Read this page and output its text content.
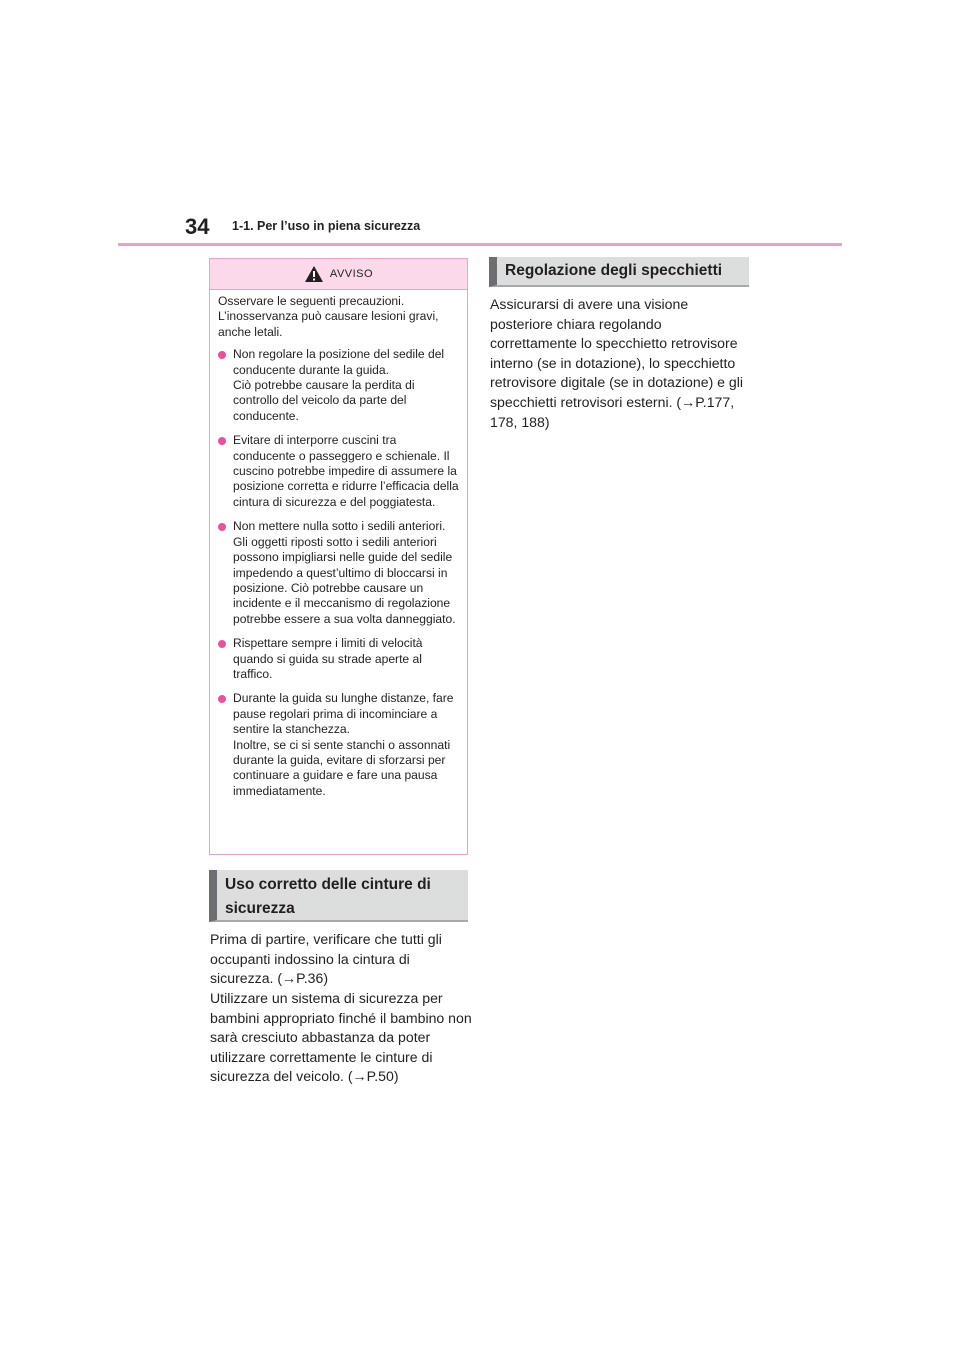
34 1-1. Per l’uso in piena sicurezza
AVVISO

Osservare le seguenti precauzioni. L’inosservanza può causare lesioni gravi, anche letali.

Non regolare la posizione del sedile del conducente durante la guida.

Ciò potrebbe causare la perdita di controllo del veicolo da parte del conducente.

Evitare di interporre cuscini tra conducente o passeggero e schienale. Il cuscino potrebbe impedire di assumere la posizione corretta e ridurre l’efficacia della cintura di sicurezza e del poggiatesta.

Non mettere nulla sotto i sedili anteriori. Gli oggetti riposti sotto i sedili anteriori possono impigliarsi nelle guide del sedile impedendo a quest’ultimo di bloccarsi in posizione. Ciò potrebbe causare un incidente e il meccanismo di regolazione potrebbe essere a sua volta danneggiato.

Rispettare sempre i limiti di velocità quando si guida su strade aperte al traffico.

Durante la guida su lunghe distanze, fare pause regolari prima di incominciare a sentire la stanchezza.

Inoltre, se ci si sente stanchi o assonnati durante la guida, evitare di sforzarsi per continuare a guidare e fare una pausa immediatamente.

Uso corretto delle cinture di sicurezza

Prima di partire, verificare che tutti gli occupanti indossino la cintura di sicurezza. (→P.36)

Utilizzare un sistema di sicurezza per bambini appropriato finché il bambino non sarà cresciuto abbastanza da poter utilizzare correttamente le cinture di sicurezza del veicolo. (→P.50)

Regolazione degli specchietti

Assicurarsi di avere una visione posteriore chiara regolando correttamente lo specchietto retrovisore interno (se in dotazione), lo specchietto retrovisore digitale (se in dotazione) e gli specchietti retrovisori esterni. (→P.177, 178, 188)
